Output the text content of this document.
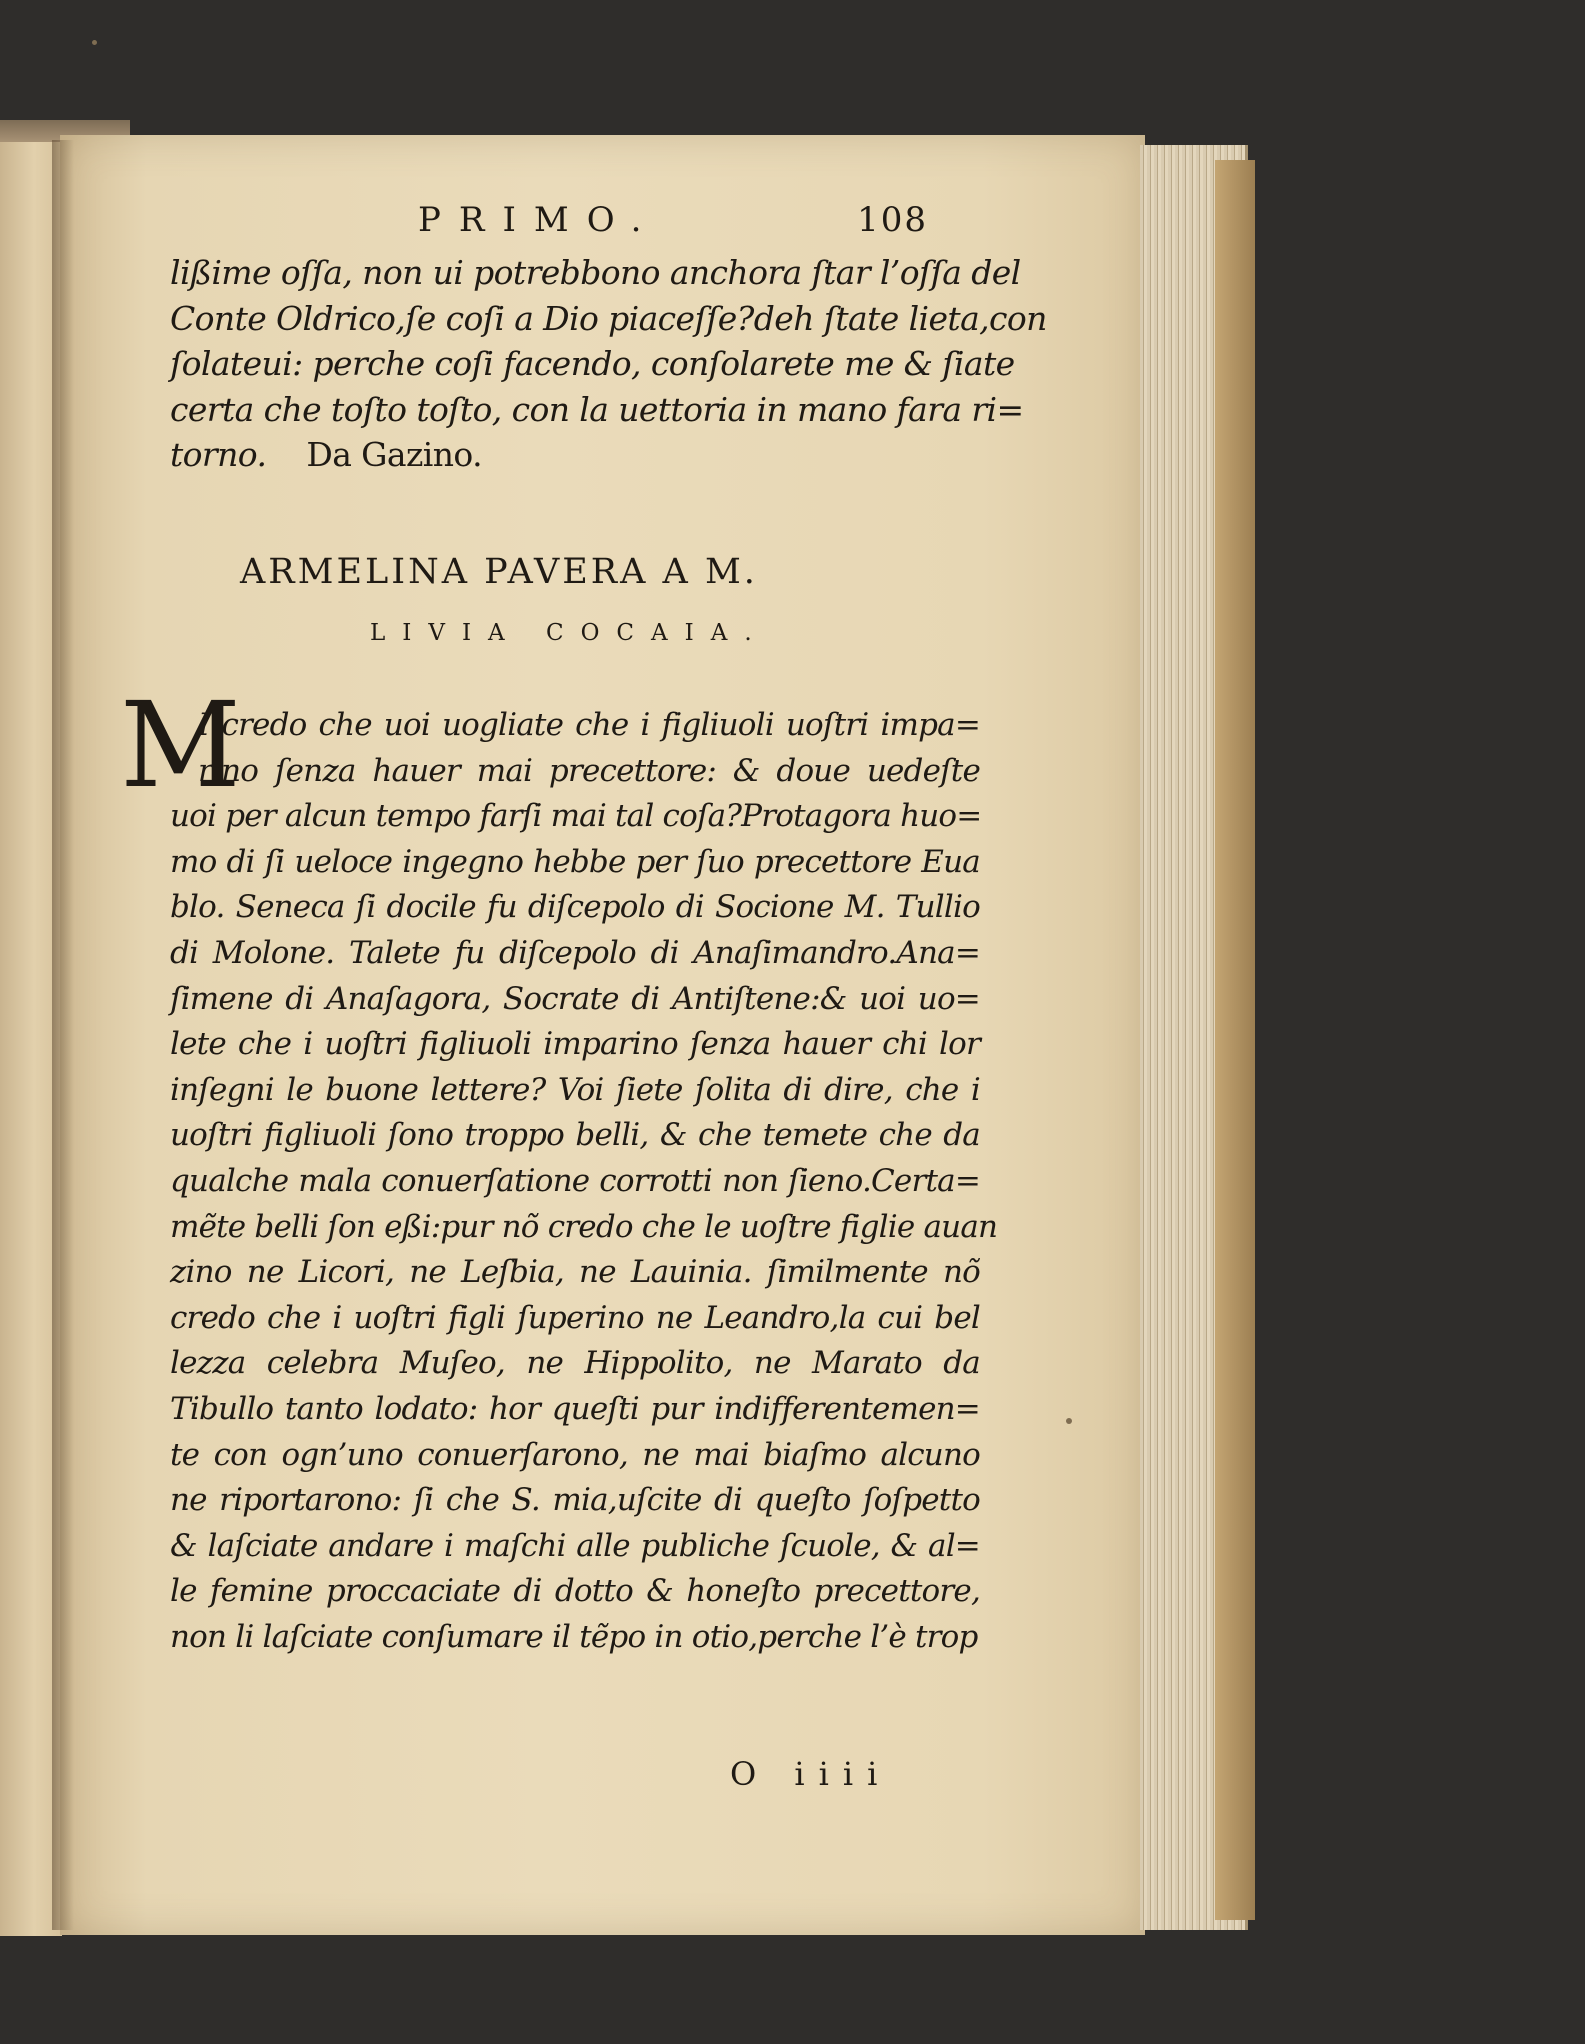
PRIMO.	108
lißime oſſa, non ui potrebbono anchora ſtar l’oſſa del
Conte Oldrico,ſe coſi a Dio piaceſſe?deh ſtate lieta,con
ſolateui: perche coſi facendo, conſolarete me & ſiate
certa che toſto toſto, con la uettoria in mano fara ri=
torno. Da Gazino.
ARMELINA PAVERA A M.
LIVIA COCAIA.
M
I credo che uoi uogliate che i figliuoli uoſtri impa=
rino ſenza hauer mai precettore: & doue uedeſte
uoi per alcun tempo farſi mai tal coſa?Protagora huo=
mo di ſi ueloce ingegno hebbe per ſuo precettore Eua
blo. Seneca ſi docile fu diſcepolo di Socione M. Tullio
di Molone. Talete fu diſcepolo di Anaſimandro.Ana=
ſimene di Anaſagora, Socrate di Antiſtene:& uoi uo=
lete che i uoſtri figliuoli imparino ſenza hauer chi lor
inſegni le buone lettere? Voi ſiete ſolita di dire, che i
uoſtri figliuoli ſono troppo belli, & che temete che da
qualche mala conuerſatione corrotti non ſieno.Certa=
mẽte belli ſon eßi:pur nõ credo che le uoſtre figlie auan
zino ne Licori, ne Leſbia, ne Lauinia. ſimilmente nõ
credo che i uoſtri figli ſuperino ne Leandro,la cui bel
lezza celebra Muſeo, ne Hippolito, ne Marato da
Tibullo tanto lodato: hor queſti pur indifferentemen=
te con ogn’uno conuerſarono, ne mai biaſmo alcuno
ne riportarono: ſi che S. mia,uſcite di queſto ſoſpetto
& laſciate andare i maſchi alle publiche ſcuole, & al=
le femine proccaciate di dotto & honeſto precettore,
non li laſciate conſumare il tẽpo in otio,perche l’è trop
O iiii
